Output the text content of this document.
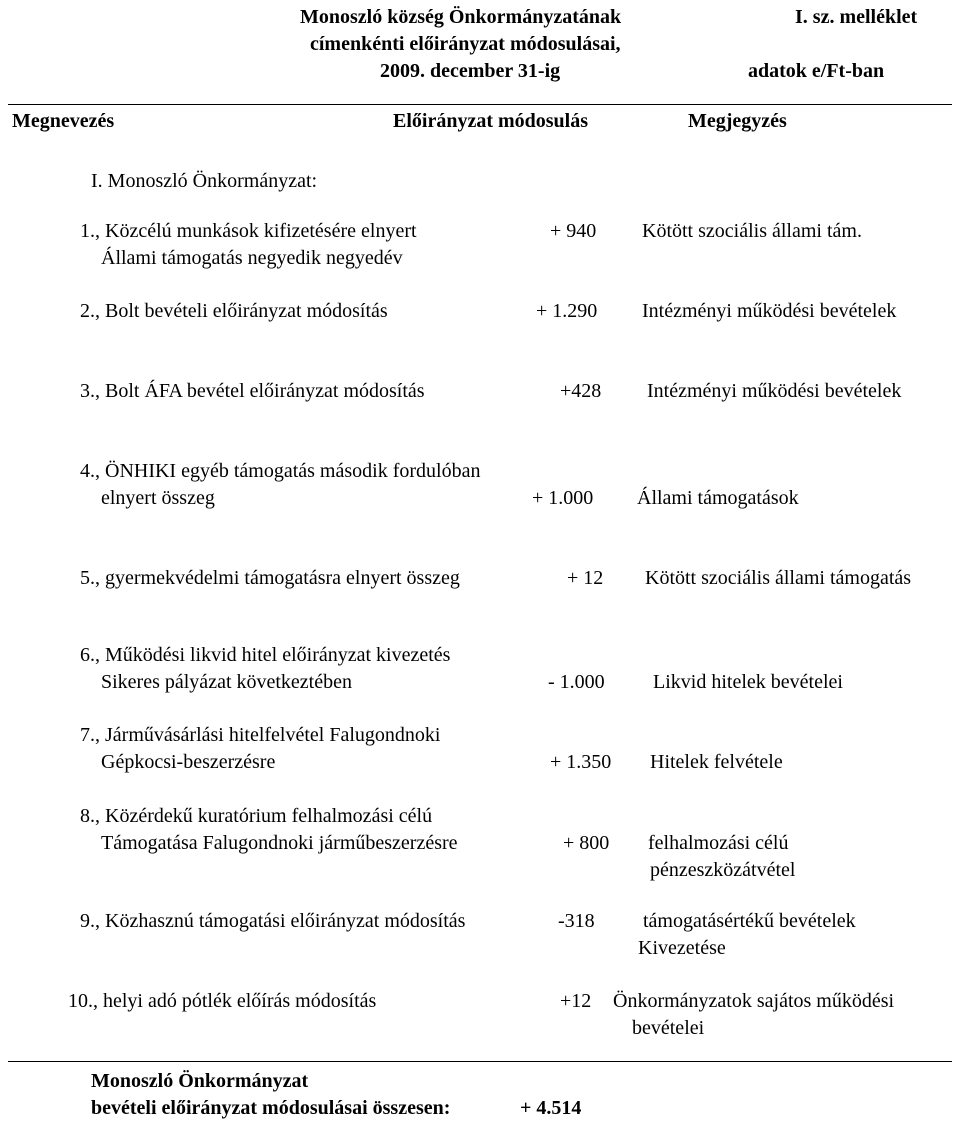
Monoszló község Önkormányzatának
címenkénti előirányzat módosulásai,
2009. december 31-ig
I. sz. melléklet
adatok e/Ft-ban
Megnevezés	Előirányzat módosulás	Megjegyzés
I. Monoszló Önkormányzat:
1., Közcélú munkások kifizetésére elnyert
Állami támogatás negyedik negyedév
+ 940 Kötött szociális állami tám.
2., Bolt bevételi előirányzat módosítás	+ 1.290 Intézményi működési bevételek
3., Bolt ÁFA bevétel előirányzat módosítás	+428 Intézményi működési bevételek
4., ÖNHIKI egyéb támogatás második fordulóban
elnyert összeg	+ 1.000 Állami támogatások
5., gyermekvédelmi támogatásra elnyert összeg	+ 12 Kötött szociális állami támogatás
6., Működési likvid hitel előirányzat kivezetés
Sikeres pályázat következtében	- 1.000 Likvid hitelek bevételei
7., Járművásárlási hitelfelvétel Falugondnoki
Gépkocsi-beszerzésre	+ 1.350 Hitelek felvétele
8., Közérdekű kuratórium felhalmozási célú
Támogatása Falugondnoki járműbeszerzésre	+ 800 felhalmozási célú
pénzeszközátvétel
9., Közhasznú támogatási előirányzat módosítás	-318 támogatásértékű bevételek
Kivezetése
10., helyi adó pótlék előírás módosítás	+12 Önkormányzatok sajátos működési
bevételei
Monoszló Önkormányzat
bevételi előirányzat módosulásai összesen:	+ 4.514
